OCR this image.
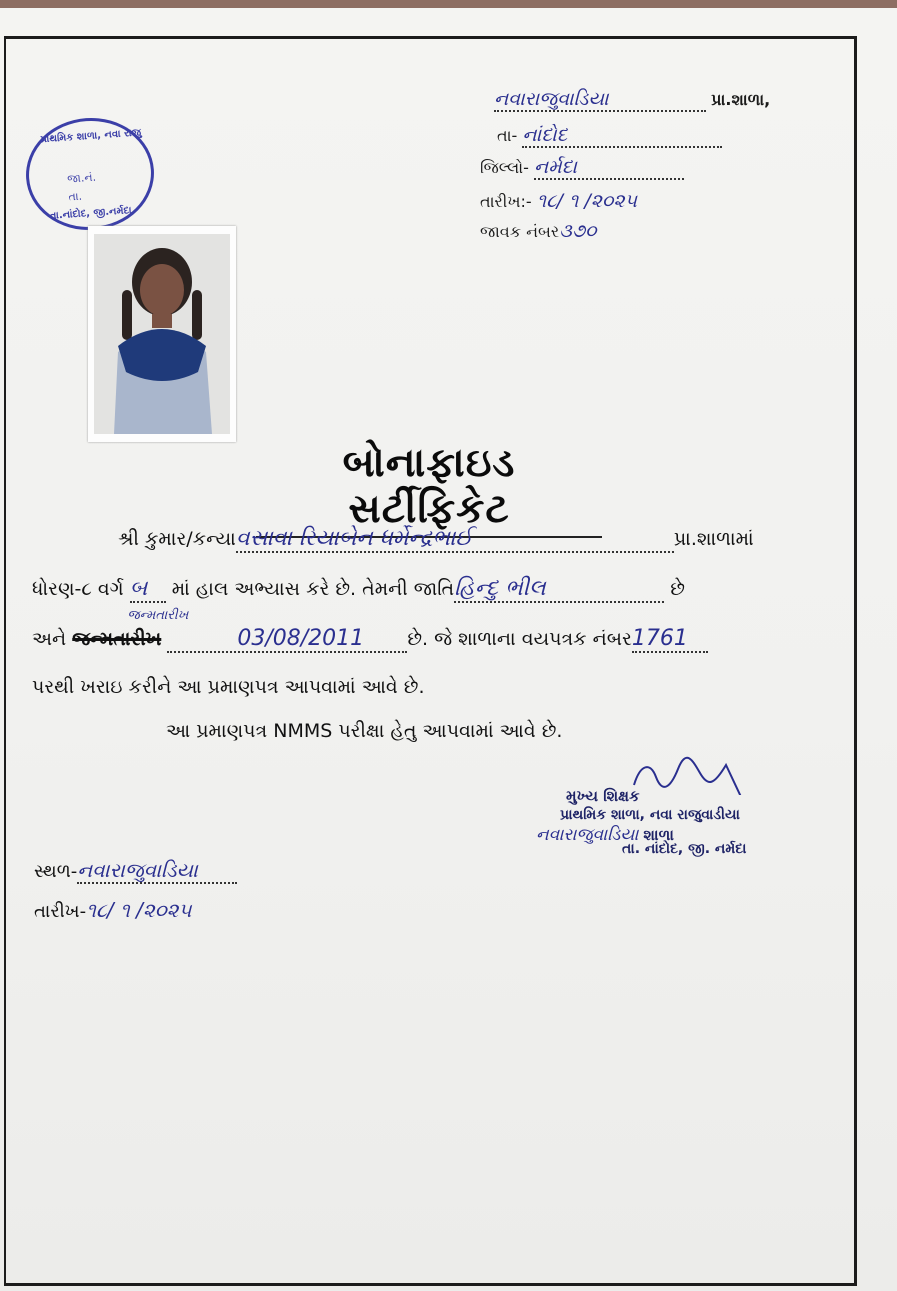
નવારાજુવાડિયા	પ્રા.શાળા,
તા- નાંદોદ
જિલ્લો- નર્મદા
તારીખ:- ૧૮/ ૧ /૨૦૨૫
જાવક નંબર૩૭૦
પ્રાથમિક શાળા, નવા રાજુ
જા.નં.
તા.
તા.નાંદોદ, જી.નર્મદા
બોનાફાઇડ સર્ટીફિકેટ
શ્રી કુમાર/કન્યાવસાવા રિયાબેન ધર્મેન્દ્રભાઈ	પ્રા.શાળામાં
ધોરણ-૮ વર્ગ બ માં હાલ અભ્યાસ કરે છે. તેમની જાતિહિન્દુ ભીલ	છે
અને જન્મતારીખ
જન્મતારીખ
03/08/2011 છે. જે શાળાના વયપત્રક નંબર1761
પરથી ખરાઇ કરીને આ પ્રમાણપત્ર આપવામાં આવે છે.
આ પ્રમાણપત્ર NMMS પરીક્ષા હેતુ આપવામાં આવે છે.
મુખ્ય શિક્ષક
પ્રાથમિક શાળા, નવા રાજુવાડીયા
નવારાજુવાડિયા શાળા
તા. નાંદોદ, જી. નર્મદા
સ્થળ-નવારાજુવાડિયા
તારીખ-૧૮/ ૧ /૨૦૨૫
